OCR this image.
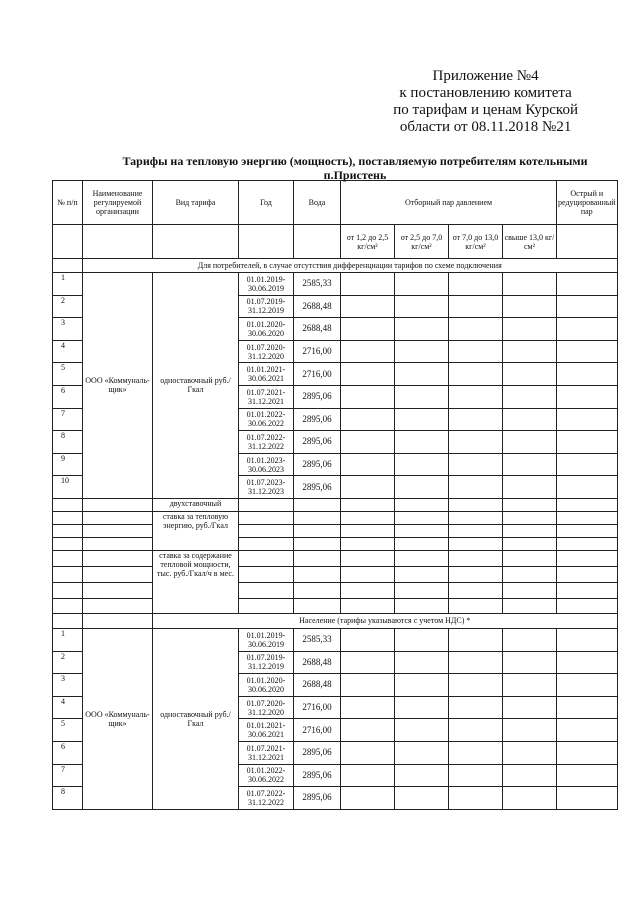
Приложение №4
к постановлению комитета
по тарифам и ценам Курской
области от 08.11.2018 №21
Тарифы на тепловую энергию (мощность), поставляемую потребителям котельными
п.Пристень
№ п/п	Наименование регулируемой организации	Вид тарифа	Год	Вода	Отборный пар давлением				Острый и редуцированный пар
					от 1,2 до 2,5 кг/см²	от 2,5 до 7,0 кг/см²	от 7,0 до 13,0 кг/см²	свыше 13,0 кг/см²	
	Для потребителей, в случае отсутствия дифференциации тарифов по схеме подключения								
1	ООО «Коммуналь-щик»	одноставочный руб./Гкал	01.01.2019-30.06.2019	2585,33					
2			01.07.2019-31.12.2019	2688,48					
3			01.01.2020-30.06.2020	2688,48					
4			01.07.2020-31.12.2020	2716,00					
5			01.01.2021-30.06.2021	2716,00					
6			01.07.2021-31.12.2021	2895,06					
7			01.01.2022-30.06.2022	2895,06					
8			01.07.2022-31.12.2022	2895,06					
9			01.01.2023-30.06.2023	2895,06					
10			01.07.2023-31.12.2023	2895,06					
		двухставочный							
		ставка за тепловую энергию, руб./Гкал							

		ставка за содержание тепловой мощности, тыс. руб./Гкал/ч в мес.							

		Население (тарифы указываются с учетом НДС) *							
1	ООО «Коммуналь-щик»	одноставочный руб./Гкал	01.01.2019-30.06.2019	2585,33					
2			01.07.2019-31.12.2019	2688,48					
3			01.01.2020-30.06.2020	2688,48					
4			01.07.2020-31.12.2020	2716,00					
5			01.01.2021-30.06.2021	2716,00					
6			01.07.2021-31.12.2021	2895,06					
7			01.01.2022-30.06.2022	2895,06					
8			01.07.2022-31.12.2022	2895,06					
